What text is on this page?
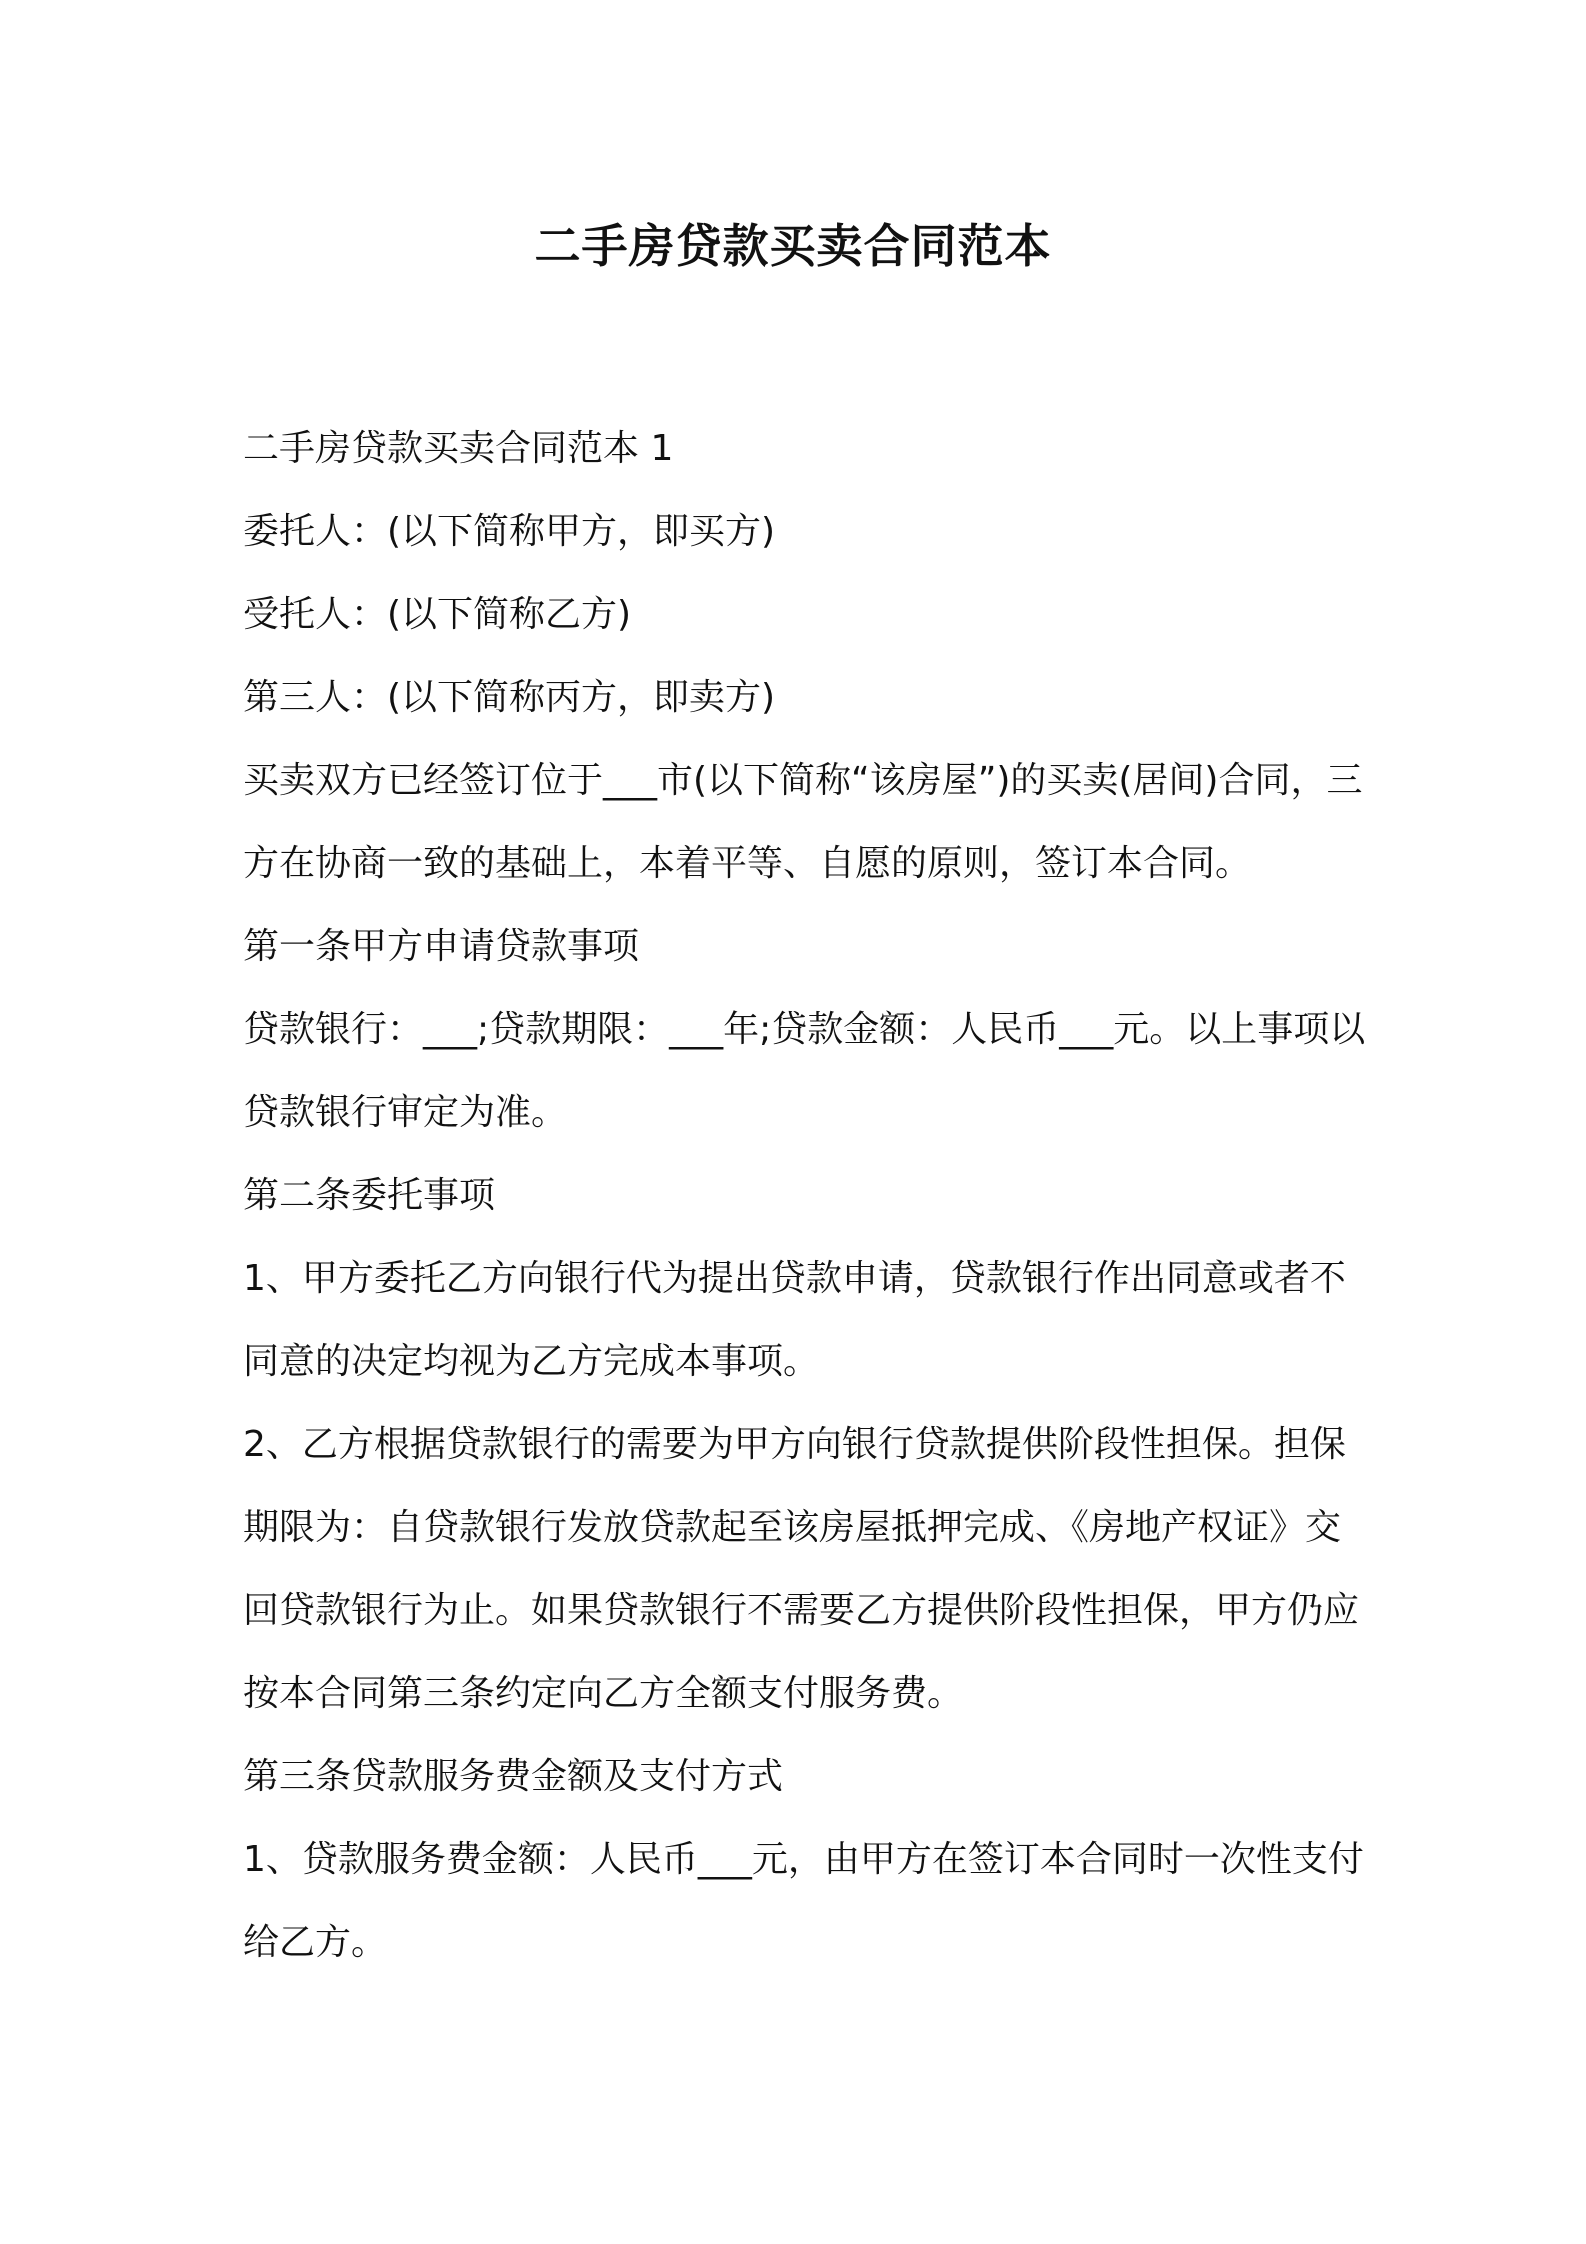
二手房贷款买卖合同范本

二手房贷款买卖合同范本 1

委托人：(以下简称甲方，即买方)

受托人：(以下简称乙方)

第三人：(以下简称丙方，即卖方)

买卖双方已经签订位于___市(以下简称“该房屋”)的买卖(居间)合同，三方在协商一致的基础上，本着平等、自愿的原则，签订本合同。

第一条甲方申请贷款事项

贷款银行：___;贷款期限：___年;贷款金额：人民币___元。以上事项以贷款银行审定为准。

第二条委托事项

1、甲方委托乙方向银行代为提出贷款申请，贷款银行作出同意或者不同意的决定均视为乙方完成本事项。

2、乙方根据贷款银行的需要为甲方向银行贷款提供阶段性担保。担保期限为：自贷款银行发放贷款起至该房屋抵押完成、《房地产权证》交回贷款银行为止。如果贷款银行不需要乙方提供阶段性担保，甲方仍应按本合同第三条约定向乙方全额支付服务费。

第三条贷款服务费金额及支付方式

1、贷款服务费金额：人民币___元，由甲方在签订本合同时一次性支付给乙方。
